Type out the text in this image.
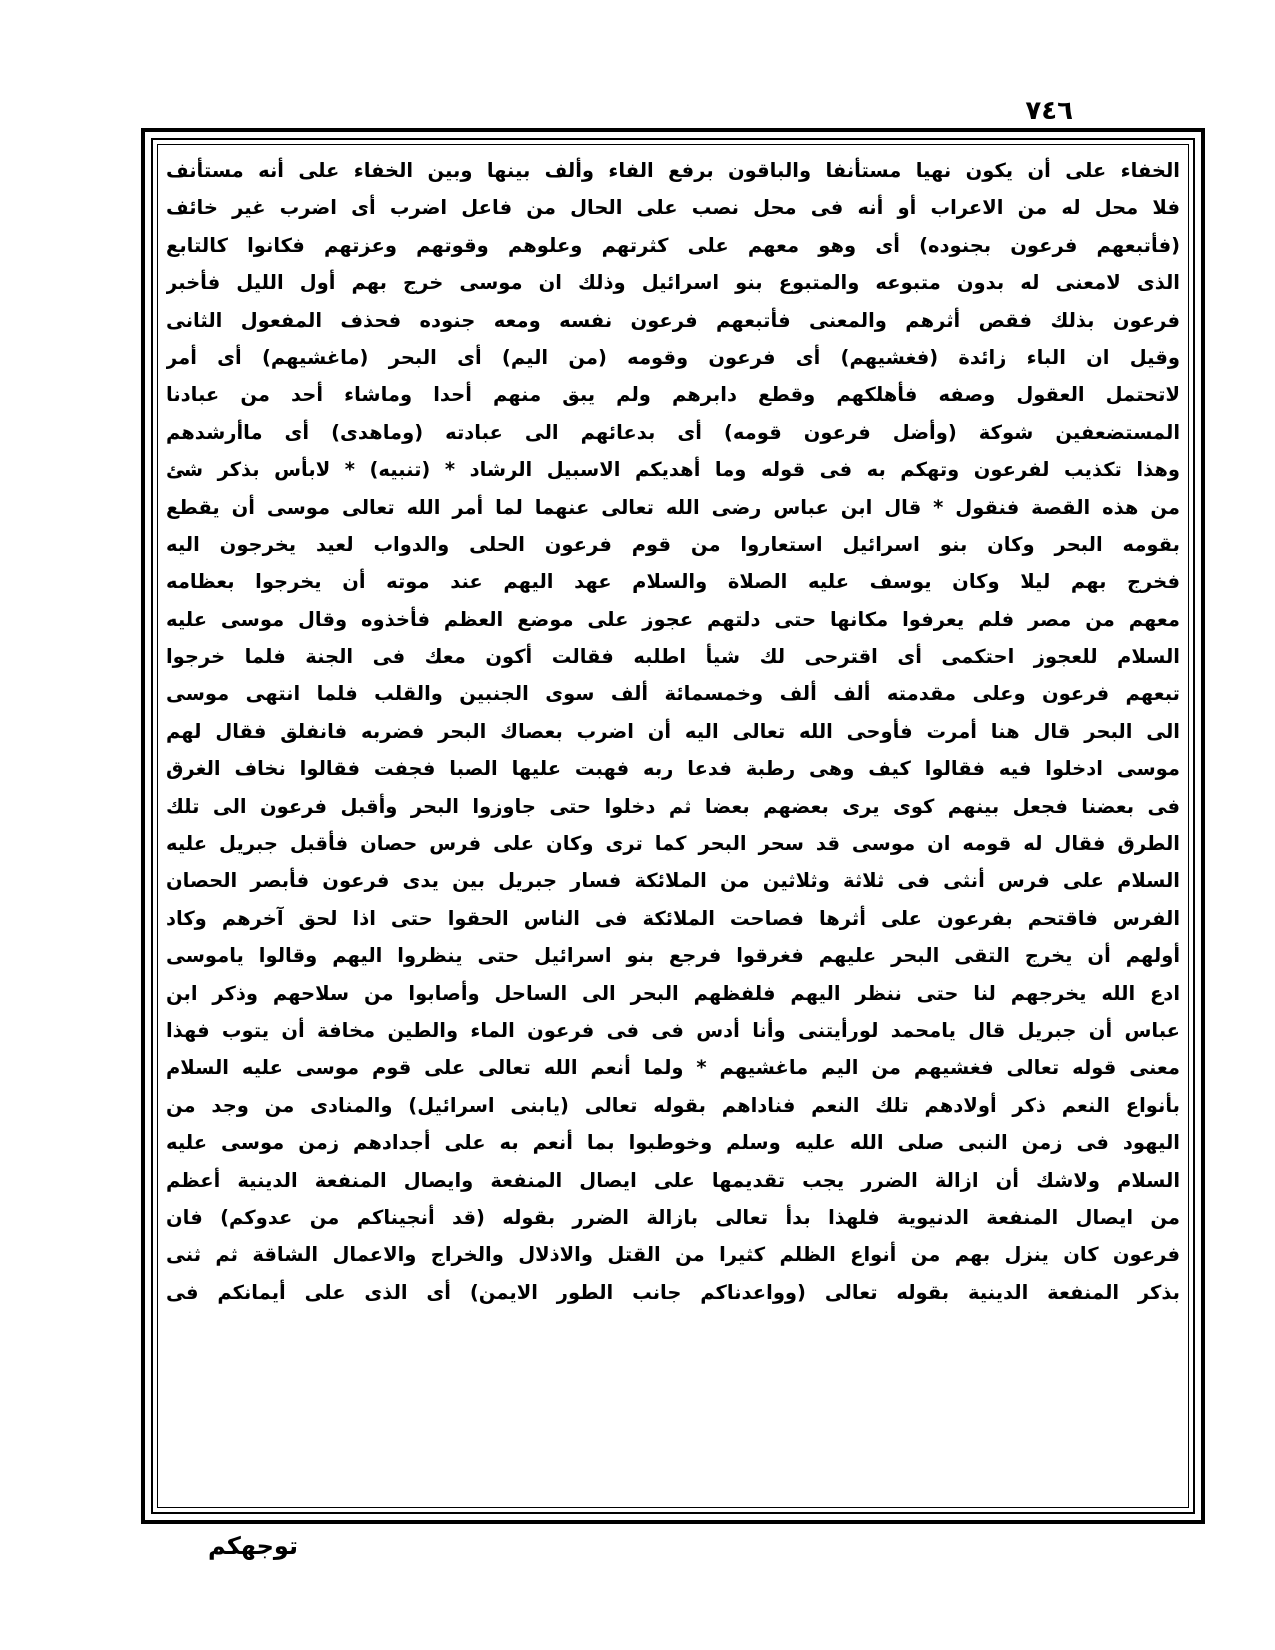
٧٤٦
الخفاء على أن يكون نهيا مستأنفا والباقون برفع الفاء وألف بينها وبين الخفاء على أنه مستأنف
فلا محل له من الاعراب أو أنه فى محل نصب على الحال من فاعل اضرب أى اضرب غير خائف
(فأتبعهم فرعون بجنوده) أى وهو معهم على كثرتهم وعلوهم وقوتهم وعزتهم فكانوا كالتابع
الذى لامعنى له بدون متبوعه والمتبوع بنو اسرائيل وذلك ان موسى خرج بهم أول الليل فأخبر
فرعون بذلك فقص أثرهم والمعنى فأتبعهم فرعون نفسه ومعه جنوده فحذف المفعول الثانى
وقيل ان الباء زائدة (فغشيهم) أى فرعون وقومه (من اليم) أى البحر (ماغشيهم) أى أمر
لاتحتمل العقول وصفه فأهلكهم وقطع دابرهم ولم يبق منهم أحدا وماشاء أحد من عبادنا
المستضعفين شوكة (وأضل فرعون قومه) أى بدعائهم الى عبادته (وماهدى) أى ماأرشدهم
وهذا تكذيب لفرعون وتهكم به فى قوله وما أهديكم الاسبيل الرشاد * (تنبيه) * لابأس بذكر شئ
من هذه القصة فنقول * قال ابن عباس رضى الله تعالى عنهما لما أمر الله تعالى موسى أن يقطع
بقومه البحر وكان بنو اسرائيل استعاروا من قوم فرعون الحلى والدواب لعيد يخرجون اليه
فخرج بهم ليلا وكان يوسف عليه الصلاة والسلام عهد اليهم عند موته أن يخرجوا بعظامه
معهم من مصر فلم يعرفوا مكانها حتى دلتهم عجوز على موضع العظم فأخذوه وقال موسى عليه
السلام للعجوز احتكمى أى اقترحى لك شيأ اطلبه فقالت أكون معك فى الجنة فلما خرجوا
تبعهم فرعون وعلى مقدمته ألف ألف وخمسمائة ألف سوى الجنبين والقلب فلما انتهى موسى
الى البحر قال هنا أمرت فأوحى الله تعالى اليه أن اضرب بعصاك البحر فضربه فانفلق فقال لهم
موسى ادخلوا فيه فقالوا كيف وهى رطبة فدعا ربه فهبت عليها الصبا فجفت فقالوا نخاف الغرق
فى بعضنا فجعل بينهم كوى يرى بعضهم بعضا ثم دخلوا حتى جاوزوا البحر وأقبل فرعون الى تلك
الطرق فقال له قومه ان موسى قد سحر البحر كما ترى وكان على فرس حصان فأقبل جبريل عليه
السلام على فرس أنثى فى ثلاثة وثلاثين من الملائكة فسار جبريل بين يدى فرعون فأبصر الحصان
الفرس فاقتحم بفرعون على أثرها فصاحت الملائكة فى الناس الحقوا حتى اذا لحق آخرهم وكاد
أولهم أن يخرج التقى البحر عليهم فغرقوا فرجع بنو اسرائيل حتى ينظروا اليهم وقالوا ياموسى
ادع الله يخرجهم لنا حتى ننظر اليهم فلفظهم البحر الى الساحل وأصابوا من سلاحهم وذكر ابن
عباس أن جبريل قال يامحمد لورأيتنى وأنا أدس فى فى فرعون الماء والطين مخافة أن يتوب فهذا
معنى قوله تعالى فغشيهم من اليم ماغشيهم * ولما أنعم الله تعالى على قوم موسى عليه السلام
بأنواع النعم ذكر أولادهم تلك النعم فناداهم بقوله تعالى (يابنى اسرائيل) والمنادى من وجد من
اليهود فى زمن النبى صلى الله عليه وسلم وخوطبوا بما أنعم به على أجدادهم زمن موسى عليه
السلام ولاشك أن ازالة الضرر يجب تقديمها على ايصال المنفعة وايصال المنفعة الدينية أعظم
من ايصال المنفعة الدنيوية فلهذا بدأ تعالى بازالة الضرر بقوله (قد أنجيناكم من عدوكم) فان
فرعون كان ينزل بهم من أنواع الظلم كثيرا من القتل والاذلال والخراج والاعمال الشاقة ثم ثنى
بذكر المنفعة الدينية بقوله تعالى (وواعدناكم جانب الطور الايمن) أى الذى على أيمانكم فى
توجهكم
